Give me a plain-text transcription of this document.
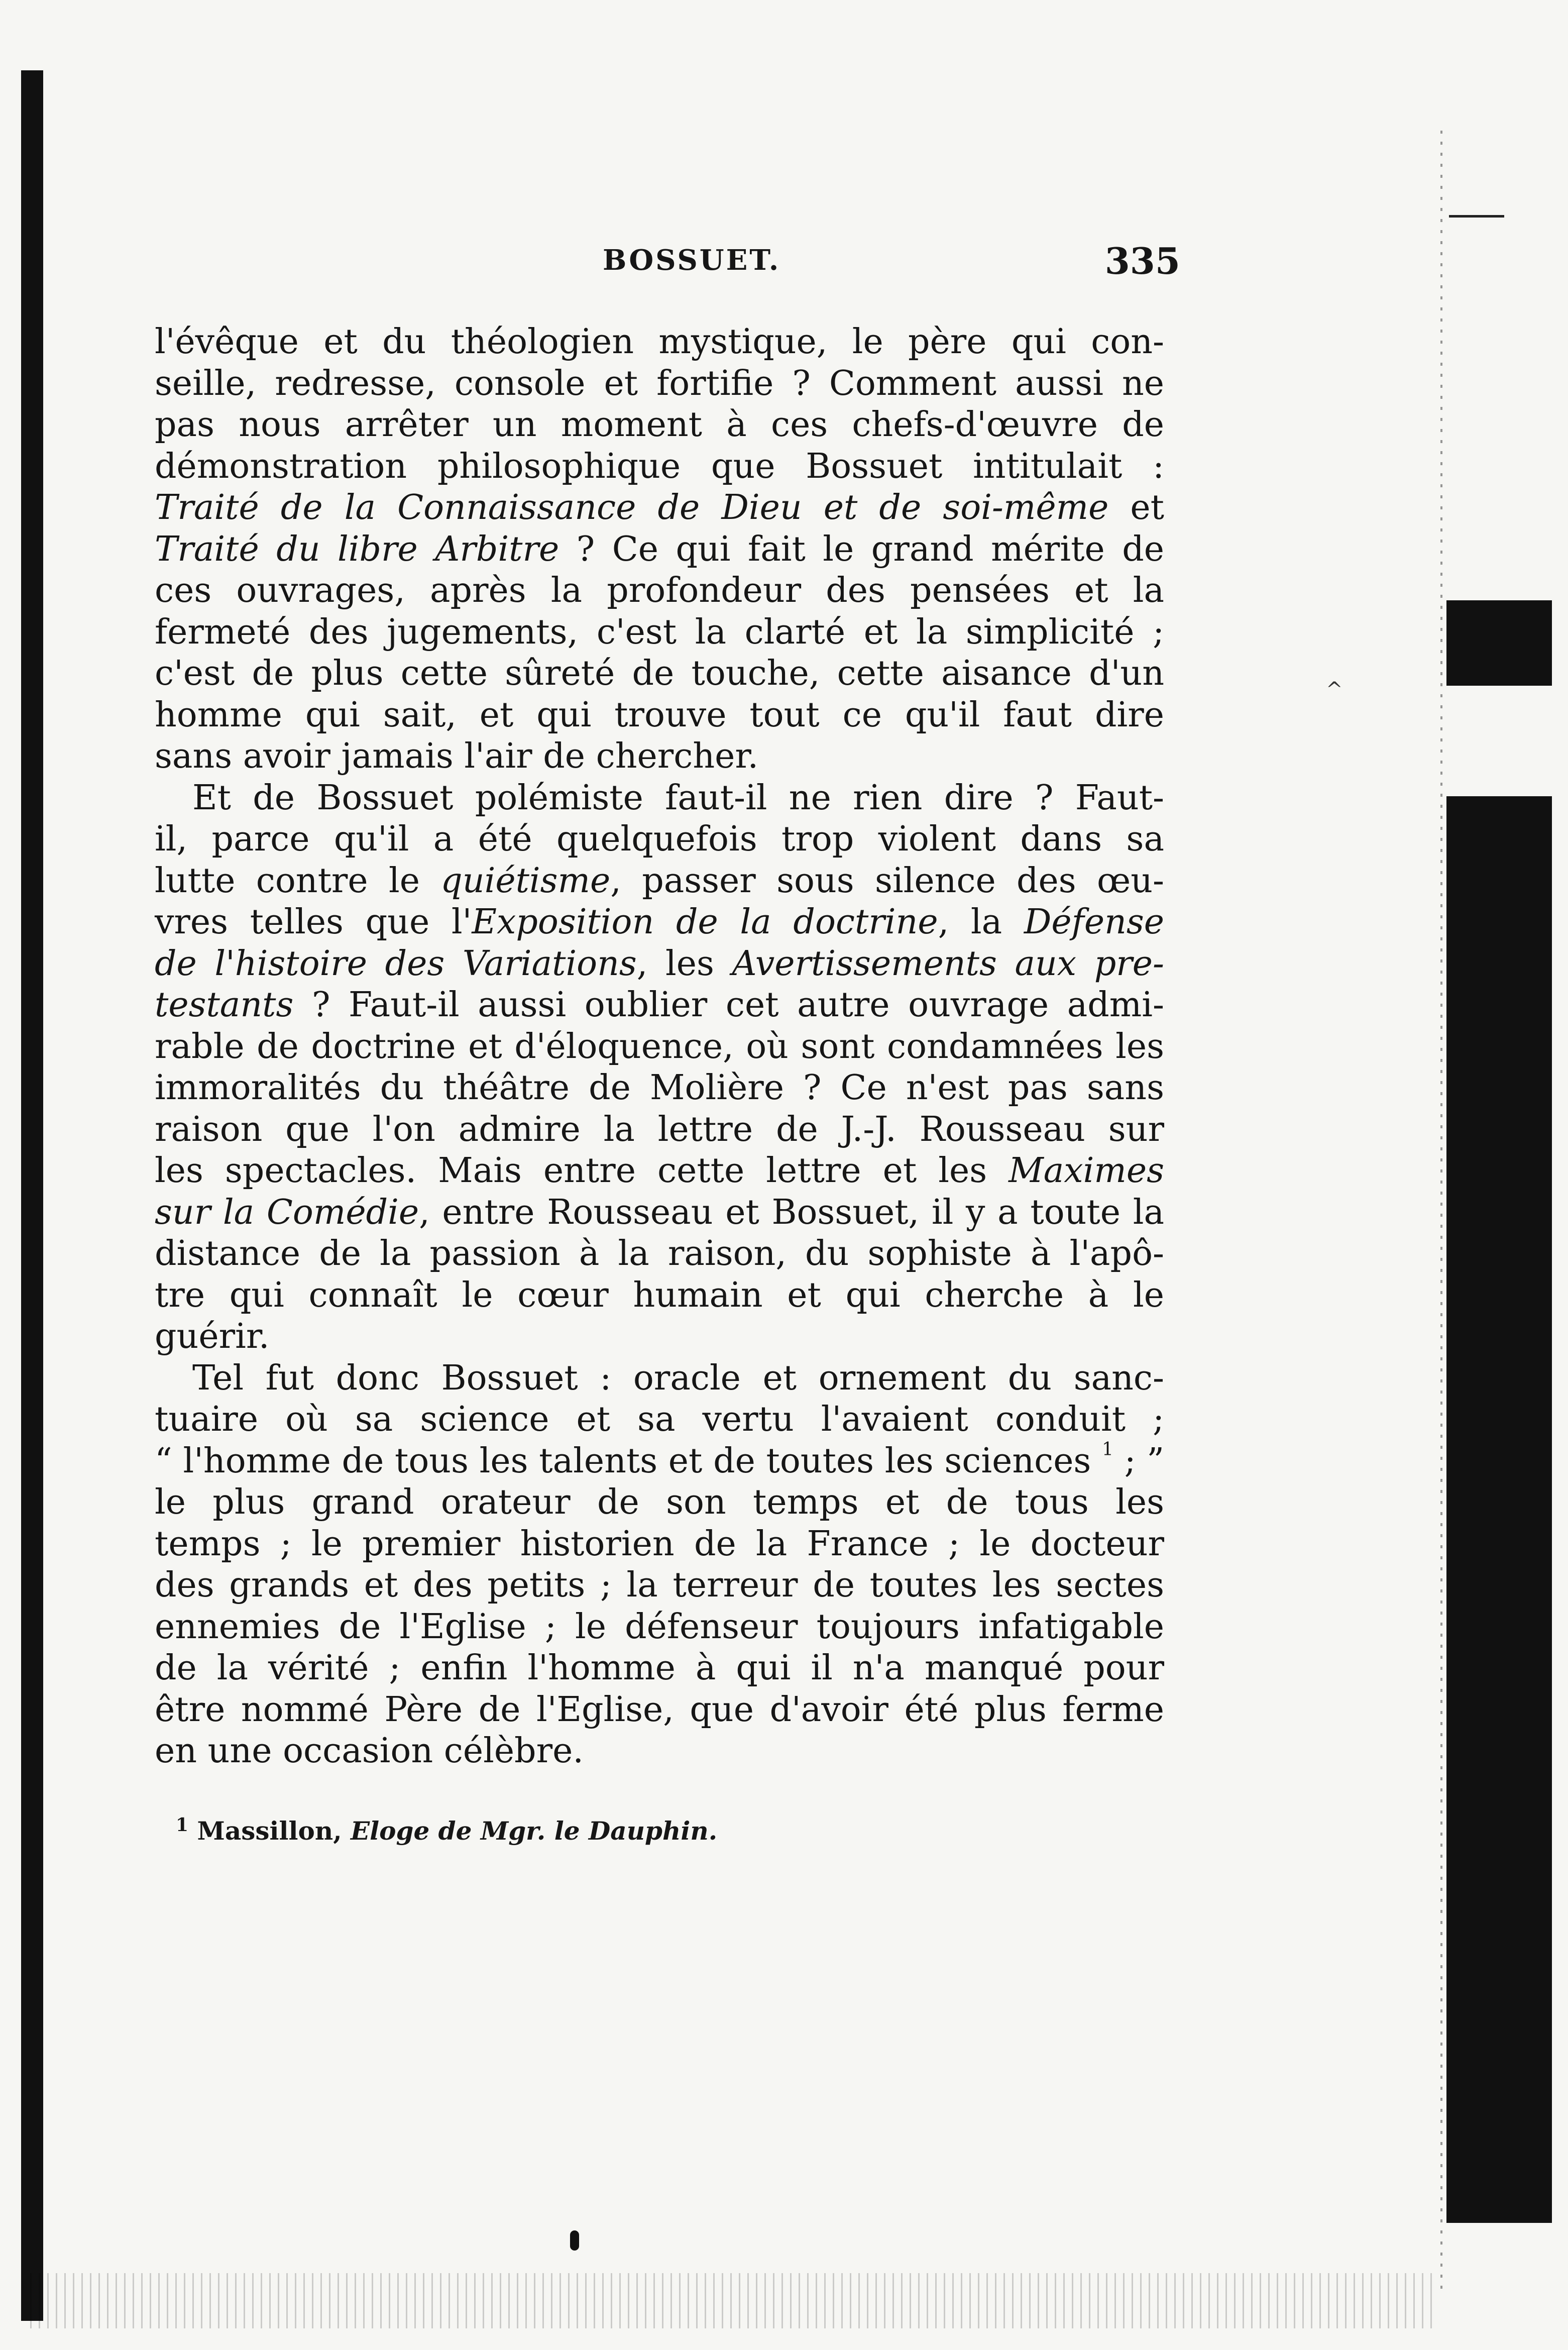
^
BOSSUET.	335
l'évêque et du théologien mystique, le père qui con-
seille, redresse, console et fortifie ? Comment aussi ne
pas nous arrêter un moment à ces chefs-d'œuvre de
démonstration philosophique que Bossuet intitulait :
Traité de la Connaissance de Dieu et de soi-même et
Traité du libre Arbitre ? Ce qui fait le grand mérite de
ces ouvrages, après la profondeur des pensées et la
fermeté des jugements, c'est la clarté et la simplicité ;
c'est de plus cette sûreté de touche, cette aisance d'un
homme qui sait, et qui trouve tout ce qu'il faut dire
sans avoir jamais l'air de chercher.
Et de Bossuet polémiste faut-il ne rien dire ? Faut-
il, parce qu'il a été quelquefois trop violent dans sa
lutte contre le quiétisme, passer sous silence des œu-
vres telles que l'Exposition de la doctrine, la Défense
de l'histoire des Variations, les Avertissements aux pre-
testants ? Faut-il aussi oublier cet autre ouvrage admi-
rable de doctrine et d'éloquence, où sont condamnées les
immoralités du théâtre de Molière ? Ce n'est pas sans
raison que l'on admire la lettre de J.-J. Rousseau sur
les spectacles. Mais entre cette lettre et les Maximes
sur la Comédie, entre Rousseau et Bossuet, il y a toute la
distance de la passion à la raison, du sophiste à l'apô-
tre qui connaît le cœur humain et qui cherche à le
guérir.
Tel fut donc Bossuet : oracle et ornement du sanc-
tuaire où sa science et sa vertu l'avaient conduit ;
“ l'homme de tous les talents et de toutes les sciences $^1$ ; ”
le plus grand orateur de son temps et de tous les
temps ; le premier historien de la France ; le docteur
des grands et des petits ; la terreur de toutes les sectes
ennemies de l'Eglise ; le défenseur toujours infatigable
de la vérité ; enfin l'homme à qui il n'a manqué pour
être nommé Père de l'Eglise, que d'avoir été plus ferme
en une occasion célèbre.
$^1$ Massillon, Eloge de Mgr. le Dauphin.
